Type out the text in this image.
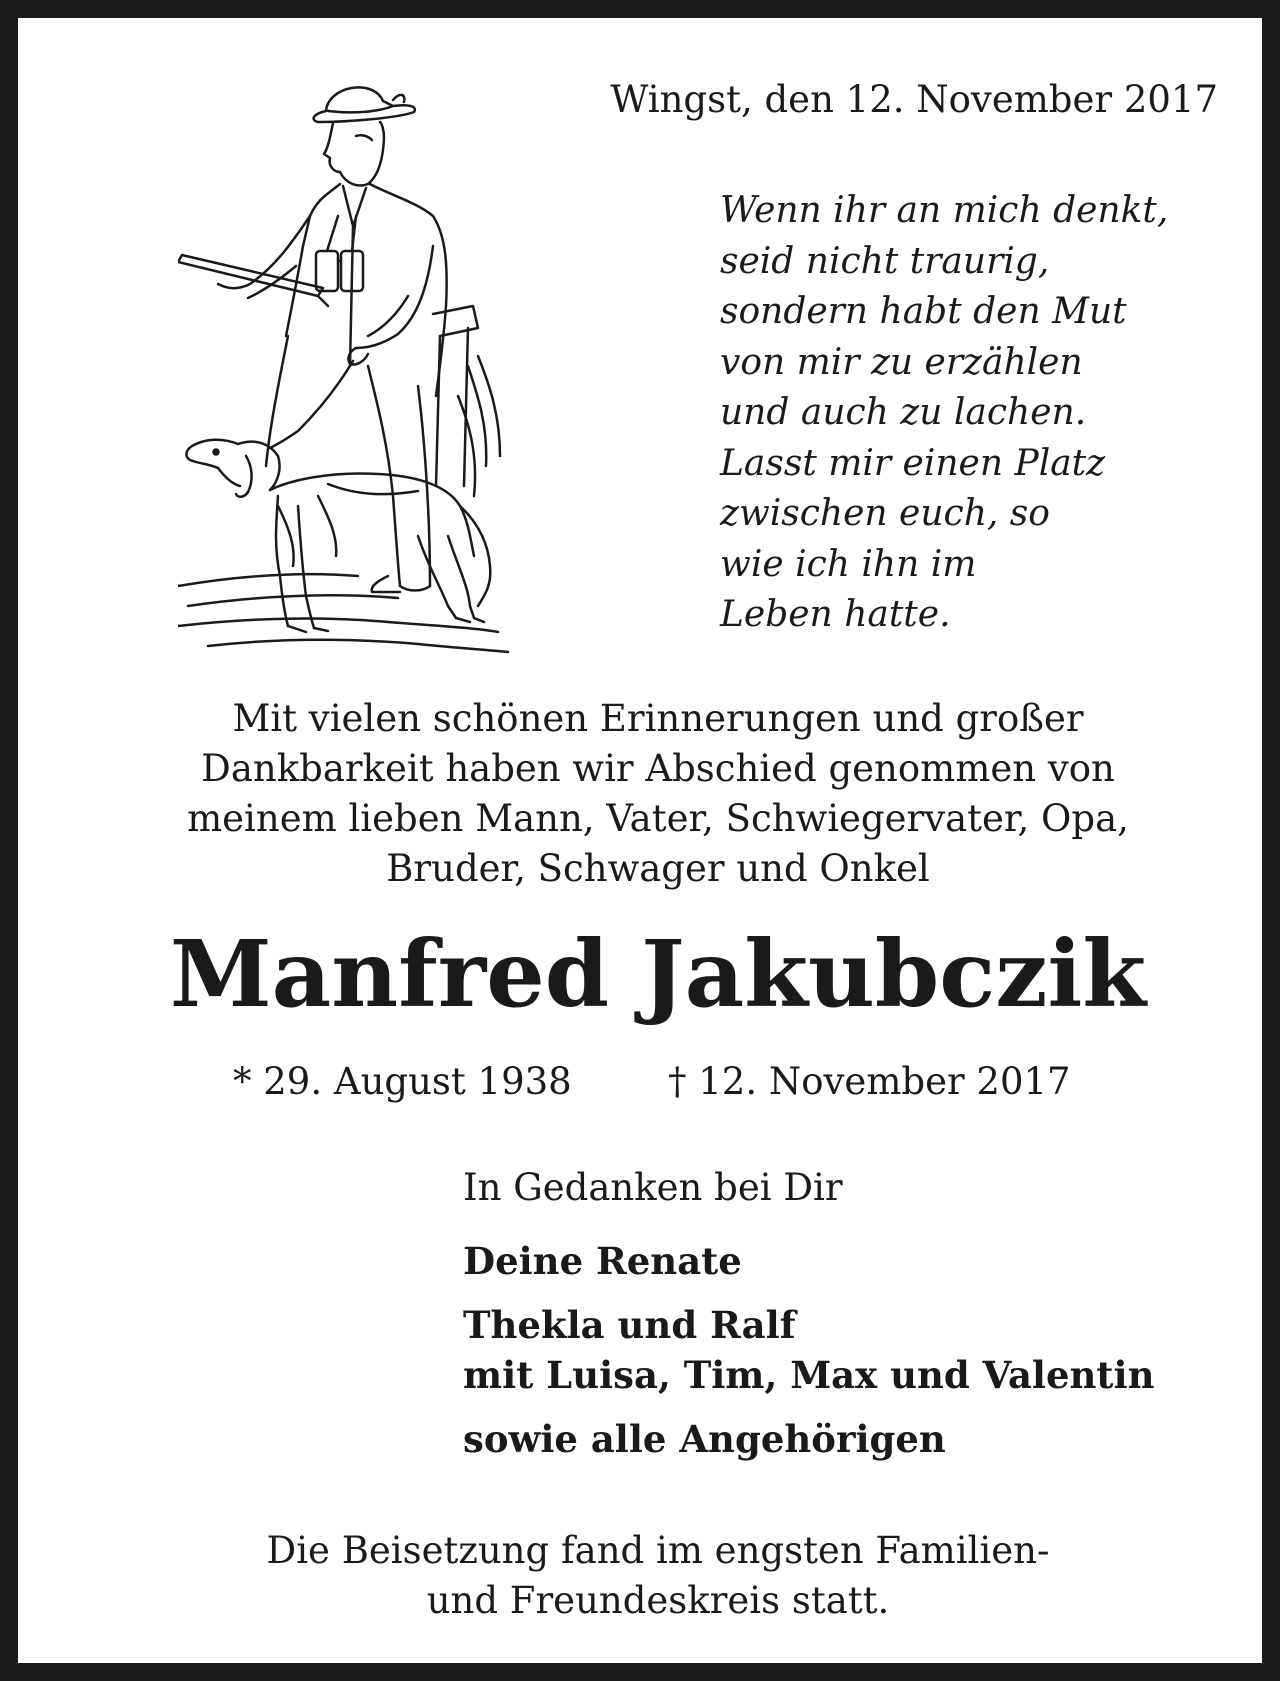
Wingst, den 12. November 2017
Wenn ihr an mich denkt,
seid nicht traurig,
sondern habt den Mut
von mir zu erzählen
und auch zu lachen.
Lasst mir einen Platz
zwischen euch, so
wie ich ihn im
Leben hatte.
Mit vielen schönen Erinnerungen und großer
Dankbarkeit haben wir Abschied genommen von
meinem lieben Mann, Vater, Schwiegervater, Opa,
Bruder, Schwager und Onkel
Manfred Jakubczik
* 29. August 1938	† 12. November 2017
In Gedanken bei Dir
Deine Renate
Thekla und Ralf
mit Luisa, Tim, Max und Valentin
sowie alle Angehörigen
Die Beisetzung fand im engsten Familien-
und Freundeskreis statt.
